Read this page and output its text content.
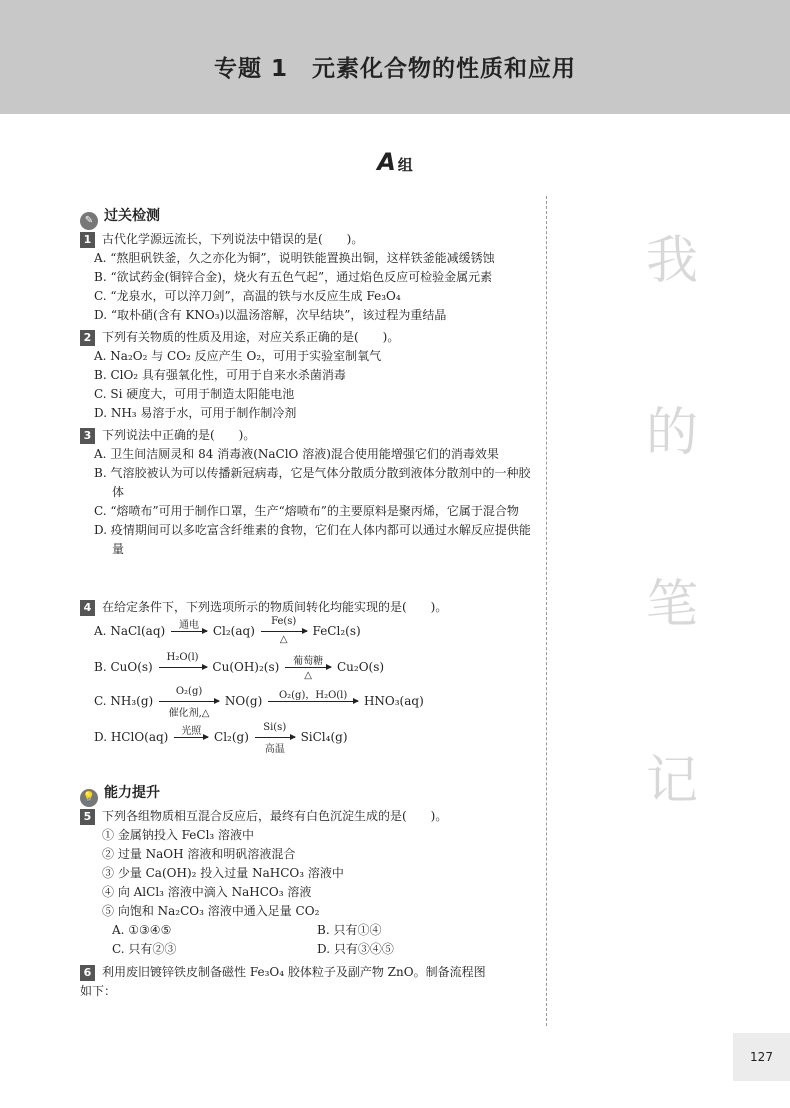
专题 1　元素化合物的性质和应用
A组
我
的
笔
记
✎ 过关检测
1 古代化学源远流长，下列说法中错误的是(　　)。
A. “熬胆矾铁釜，久之亦化为铜”，说明铁能置换出铜，这样铁釜能减缓锈蚀
B. “欲试药金(铜锌合金)，烧火有五色气起”，通过焰色反应可检验金属元素
C. “龙泉水，可以淬刀剑”，高温的铁与水反应生成 Fe₃O₄
D. “取朴硝(含有 KNO₃)以温汤溶解，次早结块”，该过程为重结晶
2 下列有关物质的性质及用途，对应关系正确的是(　　)。
A. Na₂O₂ 与 CO₂ 反应产生 O₂，可用于实验室制氧气
B. ClO₂ 具有强氧化性，可用于自来水杀菌消毒
C. Si 硬度大，可用于制造太阳能电池
D. NH₃ 易溶于水，可用于制作制冷剂
3 下列说法中正确的是(　　)。
A. 卫生间洁厕灵和 84 消毒液(NaClO 溶液)混合使用能增强它们的消毒效果
B. 气溶胶被认为可以传播新冠病毒，它是气体分散质分散到液体分散剂中的一种胶体
C. “熔喷布”可用于制作口罩，生产“熔喷布”的主要原料是聚丙烯，它属于混合物
D. 疫情期间可以多吃富含纤维素的食物，它们在人体内都可以通过水解反应提供能量
4 在给定条件下，下列选项所示的物质间转化均能实现的是(　　)。
A. NaCl(aq)	通电	Cl₂(aq)
Fe(s)
△
FeCl₂(s)
B. CuO(s)
H₂O(l)
Cu(OH)₂(s)	葡萄糖
△
Cu₂O(s)
C. NH₃(g)
O₂(g)
催化剂,△
NO(g)	O₂(g)，H₂O(l)	HNO₃(aq)
D. HClO(aq)	光照	Cl₂(g)
Si(s)
高温
SiCl₄(g)
💡 能力提升
5 下列各组物质相互混合反应后，最终有白色沉淀生成的是(　　)。
① 金属钠投入 FeCl₃ 溶液中
② 过量 NaOH 溶液和明矾溶液混合
③ 少量 Ca(OH)₂ 投入过量 NaHCO₃ 溶液中
④ 向 AlCl₃ 溶液中滴入 NaHCO₃ 溶液
⑤ 向饱和 Na₂CO₃ 溶液中通入足量 CO₂
A. ①③④⑤	B. 只有①④
C. 只有②③	D. 只有③④⑤
6 利用废旧镀锌铁皮制备磁性 Fe₃O₄ 胶体粒子及副产物 ZnO。制备流程图
如下：
127
